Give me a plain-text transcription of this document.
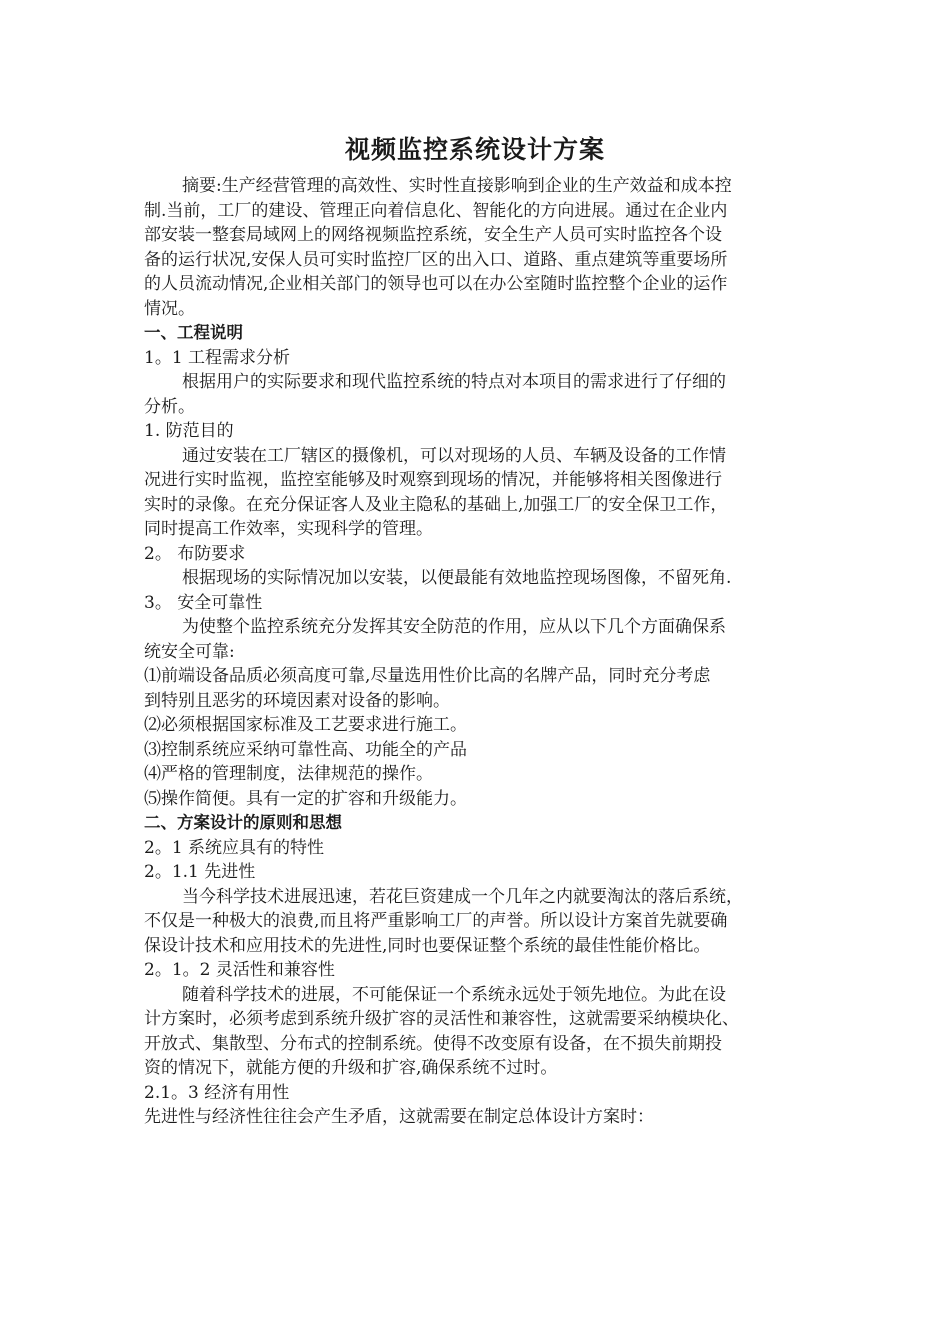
视频监控系统设计方案
摘要:生产经营管理的高效性、实时性直接影响到企业的生产效益和成本控
制.当前，工厂的建设、管理正向着信息化、智能化的方向进展。通过在企业内
部安装一整套局域网上的网络视频监控系统，安全生产人员可实时监控各个设
备的运行状况,安保人员可实时监控厂区的出入口、道路、重点建筑等重要场所
的人员流动情况,企业相关部门的领导也可以在办公室随时监控整个企业的运作
情况。
一、工程说明
1。1 工程需求分析
根据用户的实际要求和现代监控系统的特点对本项目的需求进行了仔细的
分析。
1. 防范目的
通过安装在工厂辖区的摄像机，可以对现场的人员、车辆及设备的工作情
况进行实时监视，监控室能够及时观察到现场的情况，并能够将相关图像进行
实时的录像。在充分保证客人及业主隐私的基础上,加强工厂的安全保卫工作，
同时提高工作效率，实现科学的管理。
2。 布防要求
根据现场的实际情况加以安装，以便最能有效地监控现场图像，不留死角.
3。 安全可靠性
为使整个监控系统充分发挥其安全防范的作用，应从以下几个方面确保系
统安全可靠:
⑴前端设备品质必须高度可靠,尽量选用性价比高的名牌产品，同时充分考虑
到特别且恶劣的环境因素对设备的影响。
⑵必须根据国家标准及工艺要求进行施工。
⑶控制系统应采纳可靠性高、功能全的产品
⑷严格的管理制度，法律规范的操作。
⑸操作简便。具有一定的扩容和升级能力。
二、方案设计的原则和思想
2。1 系统应具有的特性
2。1.1 先进性
当今科学技术进展迅速，若花巨资建成一个几年之内就要淘汰的落后系统，
不仅是一种极大的浪费,而且将严重影响工厂的声誉。所以设计方案首先就要确
保设计技术和应用技术的先进性,同时也要保证整个系统的最佳性能价格比。
2。1。2 灵活性和兼容性
随着科学技术的进展，不可能保证一个系统永远处于领先地位。为此在设
计方案时，必须考虑到系统升级扩容的灵活性和兼容性，这就需要采纳模块化、
开放式、集散型、分布式的控制系统。使得不改变原有设备，在不损失前期投
资的情况下，就能方便的升级和扩容,确保系统不过时。
2.1。3 经济有用性
先进性与经济性往往会产生矛盾，这就需要在制定总体设计方案时：
